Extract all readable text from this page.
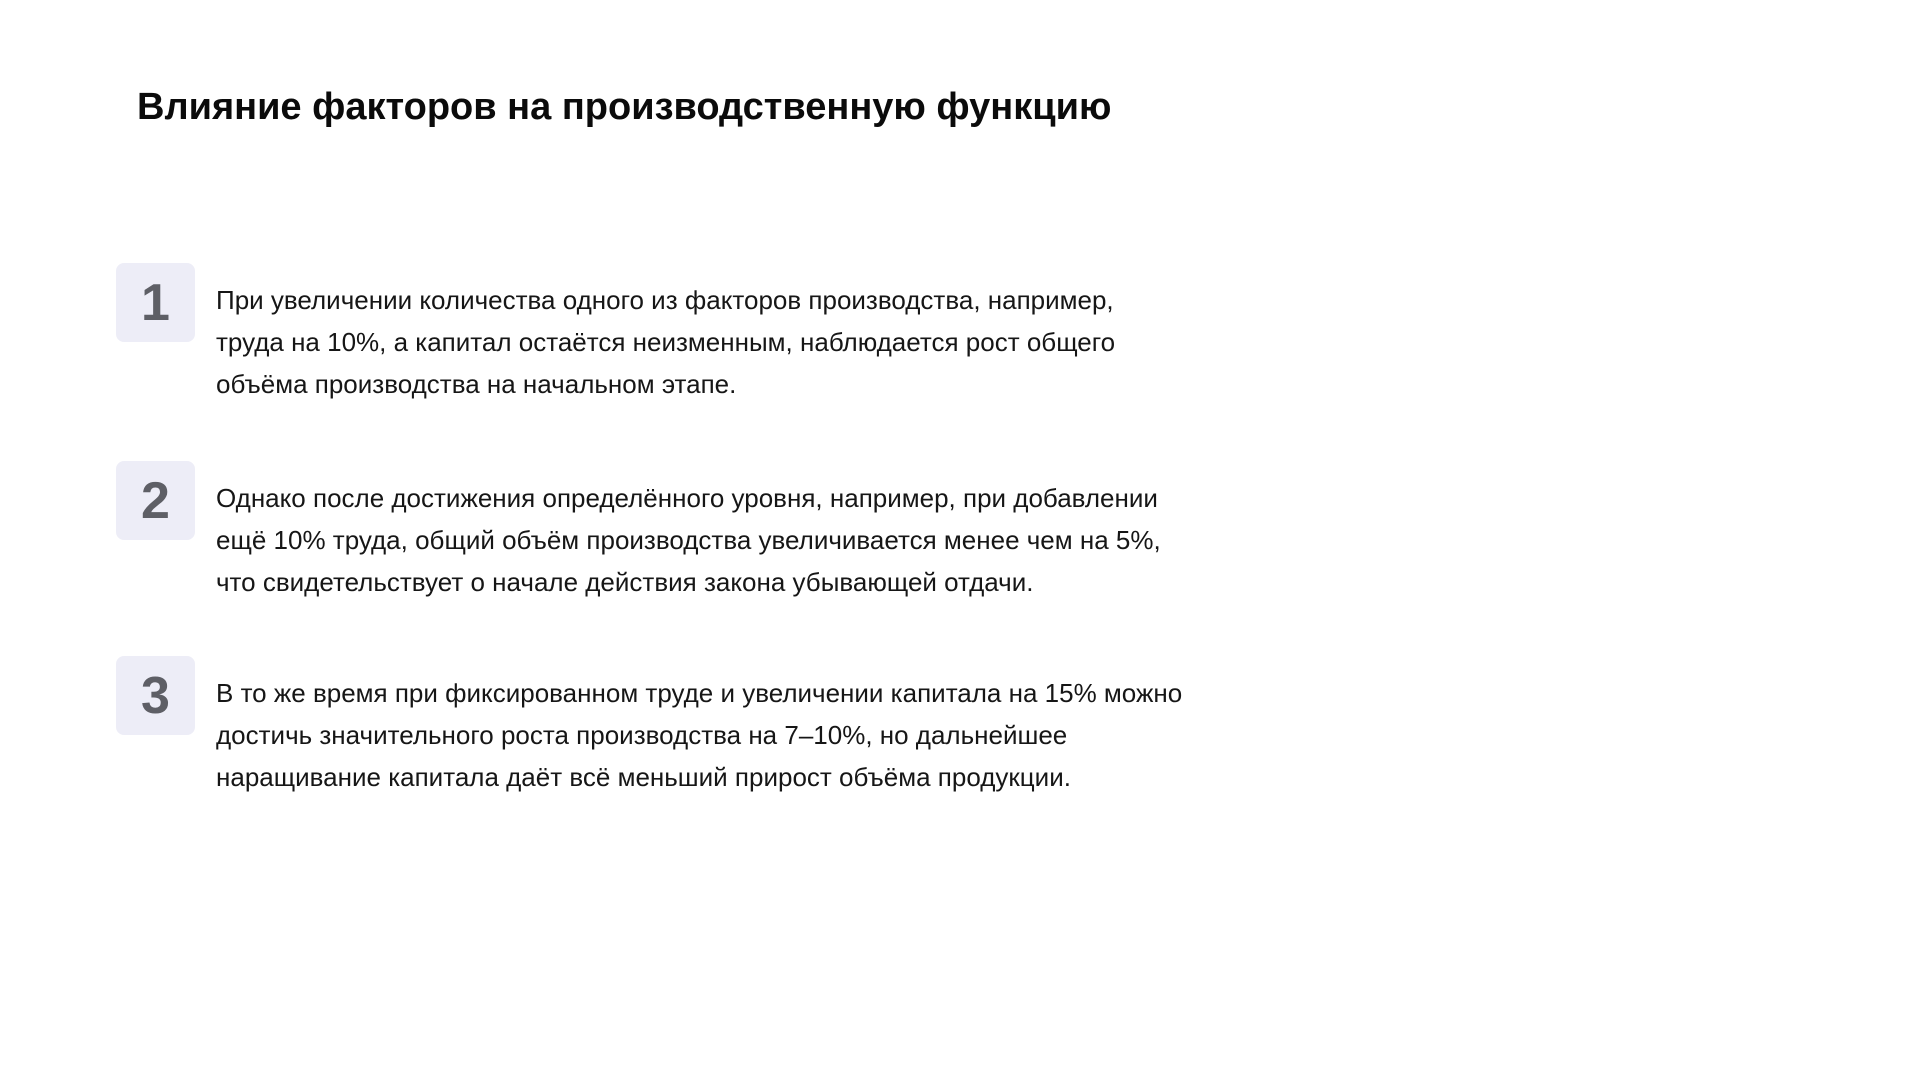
Влияние факторов на производственную функцию
1	При увеличении количества одного из факторов производства, например,
труда на 10%, а капитал остаётся неизменным, наблюдается рост общего
объёма производства на начальном этапе.

2	Однако после достижения определённого уровня, например, при добавлении
ещё 10% труда, общий объём производства увеличивается менее чем на 5%,
что свидетельствует о начале действия закона убывающей отдачи.

3	В то же время при фиксированном труде и увеличении капитала на 15% можно
достичь значительного роста производства на 7–10%, но дальнейшее
наращивание капитала даёт всё меньший прирост объёма продукции.
